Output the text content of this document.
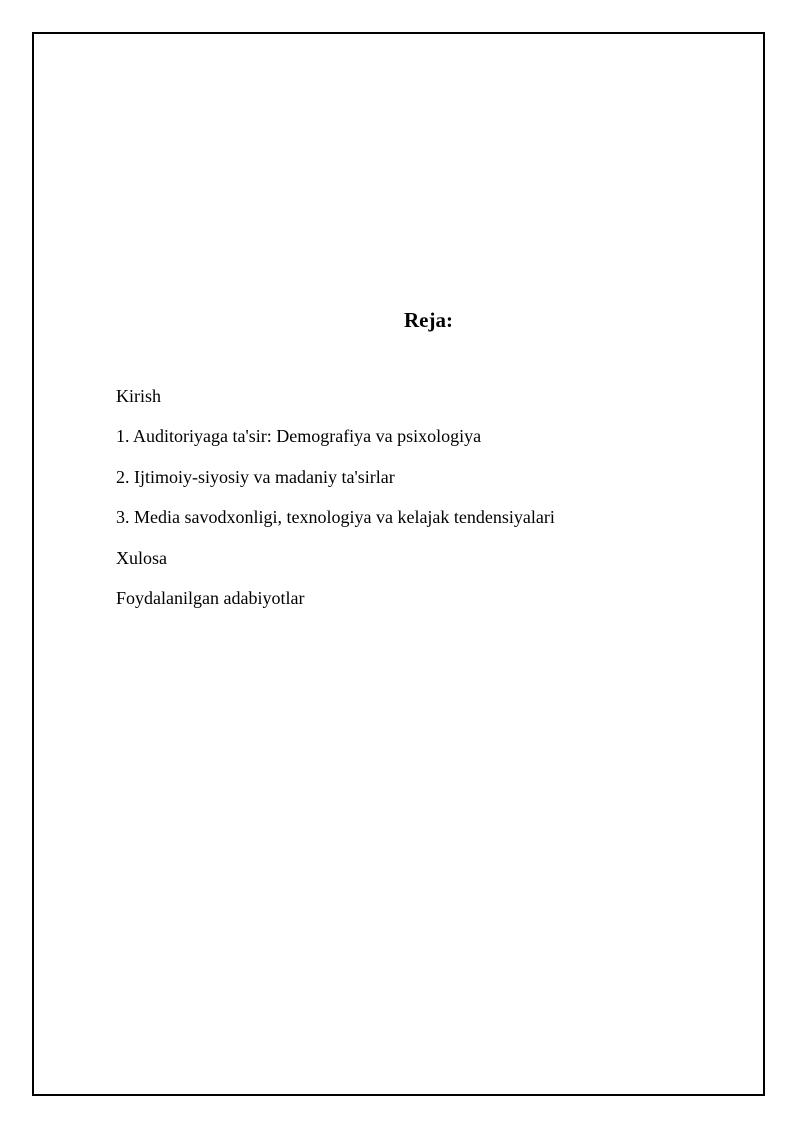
Reja:
Kirish
1. Auditoriyaga ta'sir: Demografiya va psixologiya
2. Ijtimoiy-siyosiy va madaniy ta'sirlar
3. Media savodxonligi, texnologiya va kelajak tendensiyalari
Xulosa
Foydalanilgan adabiyotlar
